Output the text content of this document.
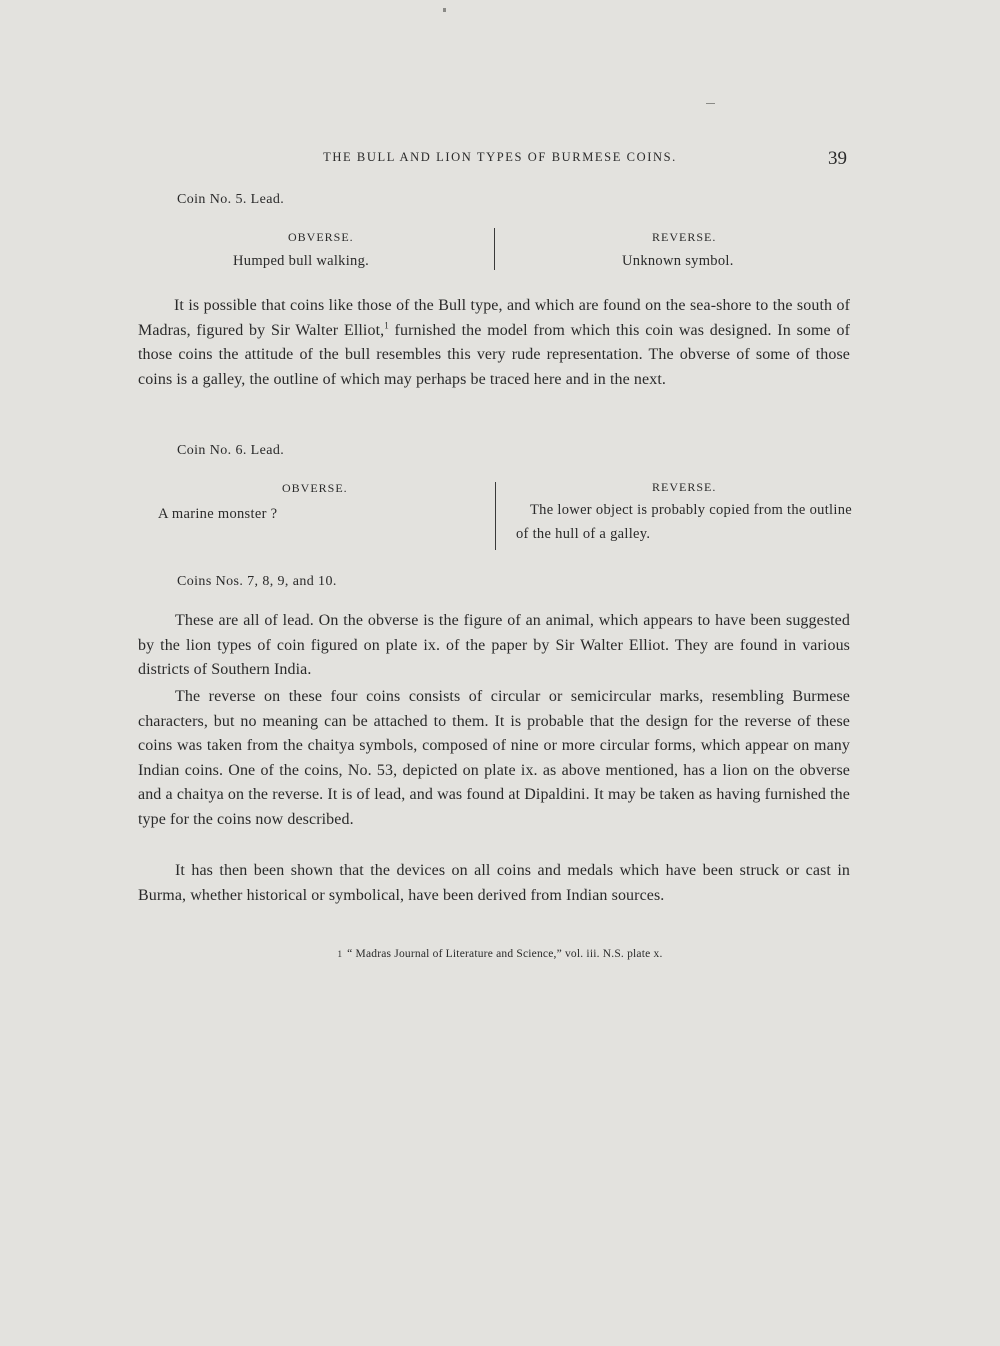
THE BULL AND LION TYPES OF BURMESE COINS.	39
Coin No. 5. Lead.
OBVERSE.
Humped bull walking.
REVERSE.
Unknown symbol.

It is possible that coins like those of the Bull type, and which are found on the sea-shore to the south of Madras, figured by Sir Walter Elliot,$^1$ furnished the model from which this coin was designed. In some of those coins the attitude of the bull resembles this very rude representation. The obverse of some of those coins is a galley, the outline of which may perhaps be traced here and in the next.

Coin No. 6. Lead.
OBVERSE.
A marine monster ?
REVERSE.
The lower object is probably copied from the outline of the hull of a galley.
Coins Nos. 7, 8, 9, and 10.

These are all of lead. On the obverse is the figure of an animal, which appears to have been suggested by the lion types of coin figured on plate ix. of the paper by Sir Walter Elliot. They are found in various districts of Southern India.

The reverse on these four coins consists of circular or semicircular marks, resembling Burmese characters, but no meaning can be attached to them. It is probable that the design for the reverse of these coins was taken from the chaitya symbols, composed of nine or more circular forms, which appear on many Indian coins. One of the coins, No. 53, depicted on plate ix. as above mentioned, has a lion on the obverse and a chaitya on the reverse. It is of lead, and was found at Dipaldini. It may be taken as having furnished the type for the coins now described.

It has then been shown that the devices on all coins and medals which have been struck or cast in Burma, whether historical or symbolical, have been derived from Indian sources.

1 “ Madras Journal of Literature and Science,” vol. iii. N.S. plate x.
